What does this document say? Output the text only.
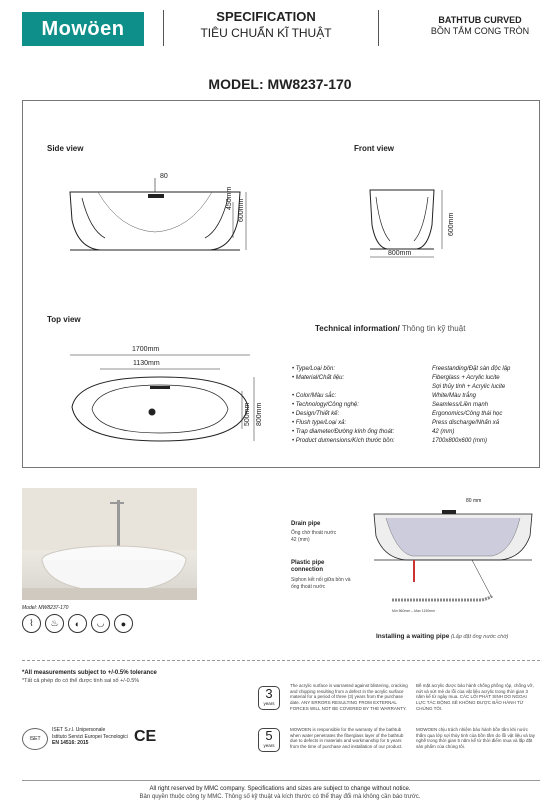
Mowöen
SPECIFICATION
TIÊU CHUẨN KĨ THUẬT
BATHTUB CURVED
BỒN TẮM CONG TRÒN
MODEL: MW8237-170
Side view	Front view
Top view
80
450mm
600mm
600mm
800mm
1700mm
1130mm
500mm 800mm
Technical information/ Thông tin kỹ thuật
• Type/Loại bồn:	Freestanding/Đặt sàn độc lập
• Material/Chất liệu:	Fiberglass + Acrylic lucite
Sợi thủy tinh + Acrylic lucite
• Color/Màu sắc:	White/Màu trắng
• Technology/Công nghệ:	Seamless/Liền mạnh
• Design/Thiết kế:	Ergonomics/Công thái học
• Flush type/Loại xả:	Press discharge/Nhấn xả
• Trap diameter/Đường kính ống thoát:	42 (mm)
• Product dumensions/Kích thước bồn:	1700x800x600 (mm)
Model: MW8237-170
⌇	♨	◐	◡	●
80 mm
Drain pipe
Ống chờ thoát nước
42 (mm)
Plastic pipe
connection
Siphon kết nối giữa bồn và
ống thoát nước
Min 560mm – Max 1190mm
Installing a waiting pipe (Lắp đặt ống nước chờ)
*All measurements subject to +/-0.5% tolerance
*Tất cả phép đo có thể được tính sai số +/-0.5%
ISET
ISET S.r.l. Unipersonale
Istituto Servizi Europei Tecnologici
EN 14516: 2015	CE
3
years
The acrylic surface is warranted against blistering, cracking and chipping resulting from a defect in the acrylic surface material for a period of three (3) years from the purchase date. ANY ERRORS RESULTING FROM EXTERNAL FORCES WILL NOT BE COVERED BY THE WARRANTY.
Bề mặt acrylic được bảo hành chống phồng rộp, chống vỡ, nứt và sứt mẻ do lỗi của vật liệu acrylic trong thời gian 3 năm kể từ ngày mua. CÁC LỖI PHÁT SINH DO NGOẠI LỰC TÁC ĐỘNG SẼ KHÔNG ĐƯỢC BẢO HÀNH TỪ CHÚNG TÔI.
5
years
MOWOEN is responsible for the warranty of the bathtub when water penetrates the fiberglass layer of the bathtub due to defects in materials and workmanship for 5 years from the time of purchase and installation of our product.
MOWOEN chịu trách nhiệm bảo hành bồn tắm khi nước thấm qua lớp sợi thủy tinh của bồn tắm do lỗi vật liệu và tay nghề trong thời gian 5 năm kể từ thời điểm mua và lắp đặt sản phẩm của chúng tôi.
All right reserved by MMC company. Specifications and sizes are subject to change without notice.
Bản quyền thuộc công ty MMC. Thông số kỹ thuật và kích thước có thể thay đổi mà không cần báo trước.
